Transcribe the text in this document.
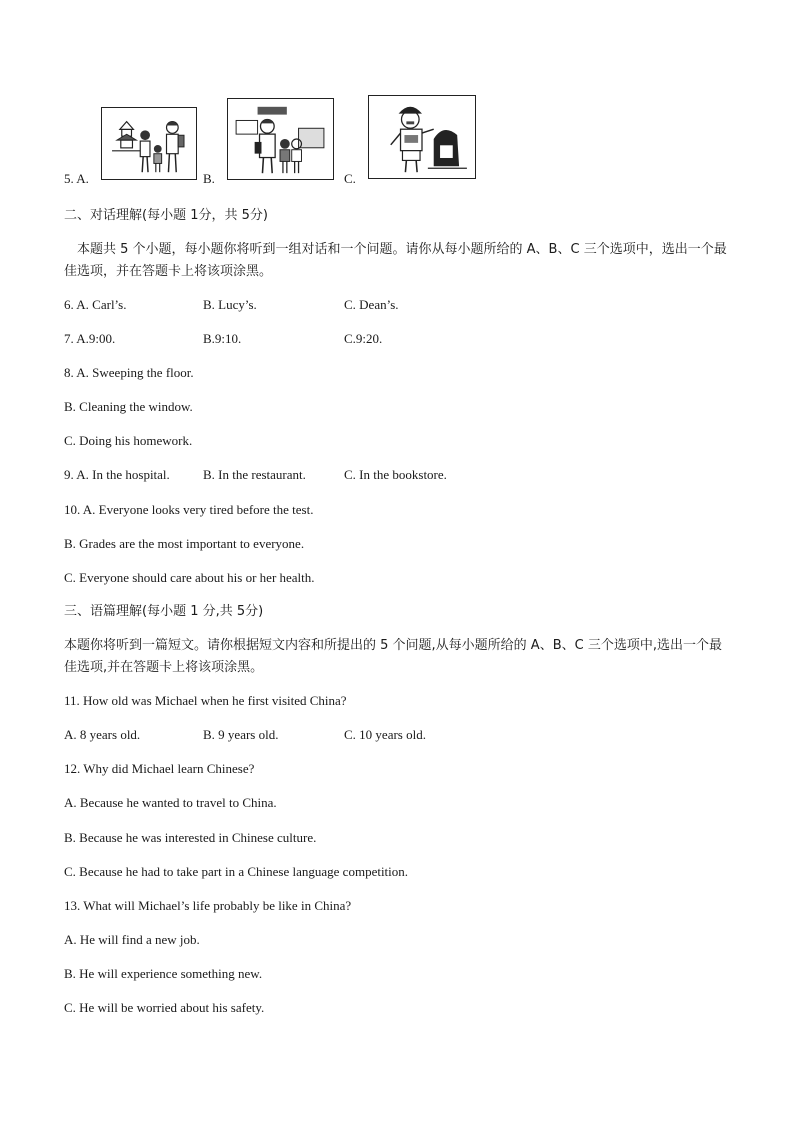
5. A.	B.	C.
二、对话理解(每小题 1分，共 5分)
本题共 5 个小题，每小题你将听到一组对话和一个问题。请你从每小题所给的 A、B、C 三个选项中，选出一个最佳选项，并在答题卡上将该项涂黑。
6. A. Carl’s.	B. Lucy’s.	C. Dean’s.
7. A.9:00.	B.9:10.	C.9:20.
8. A. Sweeping the floor.
B. Cleaning the window.
C. Doing his homework.
9. A. In the hospital.	B. In the restaurant.	C. In the bookstore.
10. A. Everyone looks very tired before the test.
B. Grades are the most important to everyone.
C. Everyone should care about his or her health.
三、语篇理解(每小题 1 分,共 5分)
本题你将听到一篇短文。请你根据短文内容和所提出的 5 个问题,从每小题所给的 A、B、C 三个选项中,选出一个最佳选项,并在答题卡上将该项涂黑。
11. How old was Michael when he first visited China?
A. 8 years old.	B. 9 years old.	C. 10 years old.
12. Why did Michael learn Chinese?
A. Because he wanted to travel to China.
B. Because he was interested in Chinese culture.
C. Because he had to take part in a Chinese language competition.
13. What will Michael’s life probably be like in China?
A. He will find a new job.
B. He will experience something new.
C. He will be worried about his safety.
